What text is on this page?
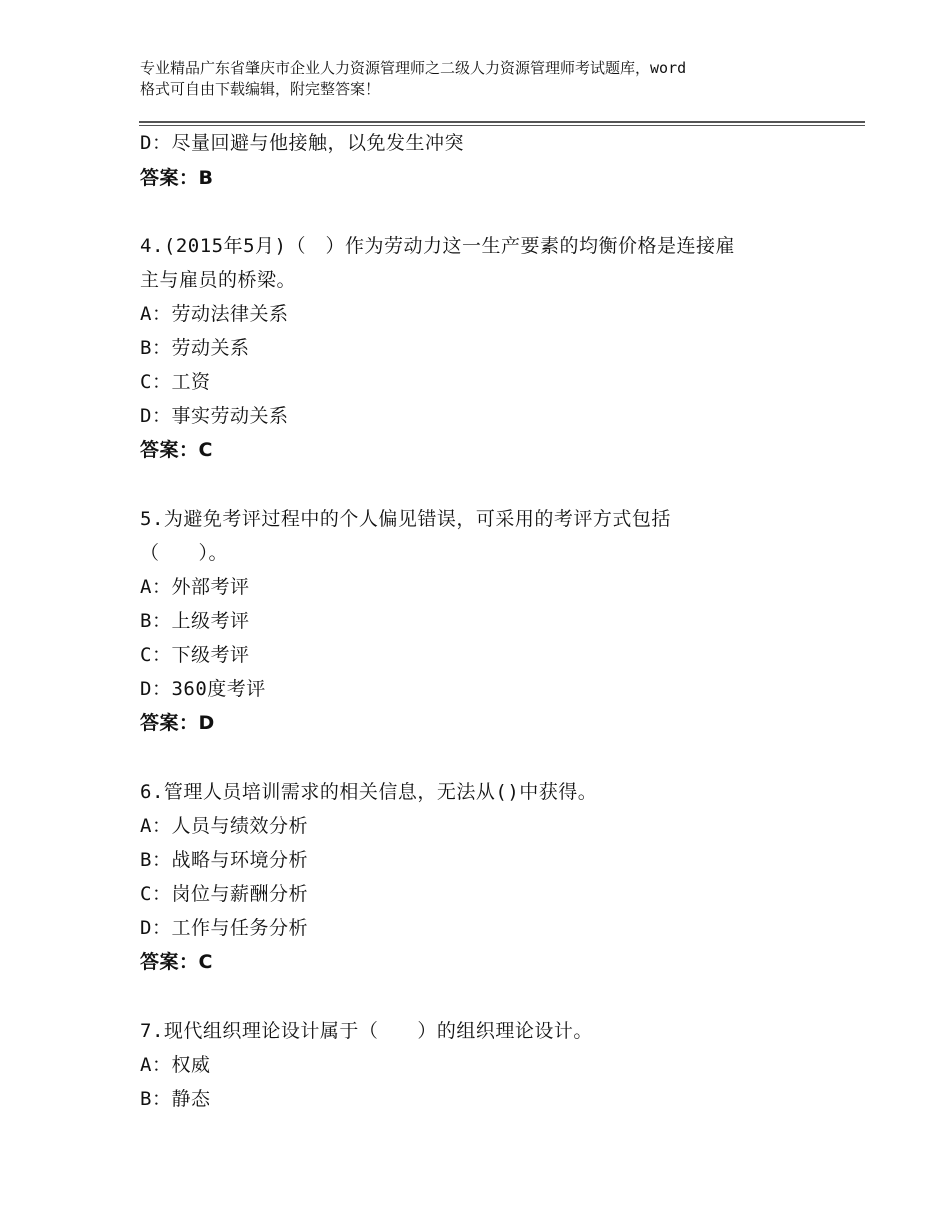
专业精品广东省肇庆市企业人力资源管理师之二级人力资源管理师考试题库，word
格式可自由下载编辑，附完整答案！
D：尽量回避与他接触，以免发生冲突
答案：B
4.(2015年5月)（　）作为劳动力这一生产要素的均衡价格是连接雇
主与雇员的桥梁。
A：劳动法律关系
B：劳动关系
C：工资
D：事实劳动关系
答案：C
5.为避免考评过程中的个人偏见错误，可采用的考评方式包括
（　　）。
A：外部考评
B：上级考评
C：下级考评
D：360度考评
答案：D
6.管理人员培训需求的相关信息，无法从()中获得。
A：人员与绩效分析
B：战略与环境分析
C：岗位与薪酬分析
D：工作与任务分析
答案：C
7.现代组织理论设计属于（　　）的组织理论设计。
A：权威
B：静态
